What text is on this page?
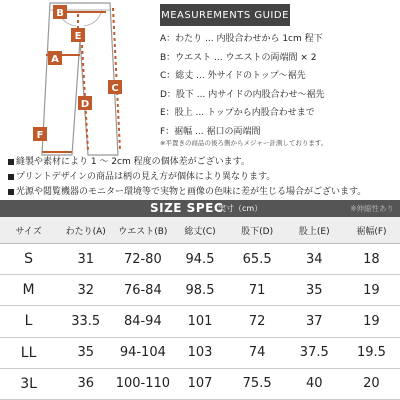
B
E
A
C
D
F
MEASUREMENTS GUIDE
A：わたり ... 内股合わせから 1cm 程下
B：ウエスト ... ウエストの両端間 × 2
C：総丈 ... 外サイドのトップ〜裾先
D：股下 ... 内サイドの内股合わせ〜裾先
E：股上 ... トップから内股合わせまで
F：裾幅 ... 裾口の両端間
※平置きの商品の後ろ側からメジャー計測しております。
縫製や素材により 1 〜 2cm 程度の個体差がございます。
プリントデザインの商品は柄の見え方が個体により異なります。
光源や閲覧機器のモニター環境等で実物と画像の色味に差が生じる場合がございます。
SIZE SPEC
実寸（cm）	※伸縮性あり
サイズ	わたり(A)	ウエスト(B)	総丈(C)	股下(D)	股上(E)	裾幅(F)
S	31	72-80	94.5	65.5	34	18
M	32	76-84	98.5	71	35	19
L	33.5	84-94	101	72	37	19
LL	35	94-104	103	74	37.5	19.5
3L	36	100-110	107	75.5	40	20
